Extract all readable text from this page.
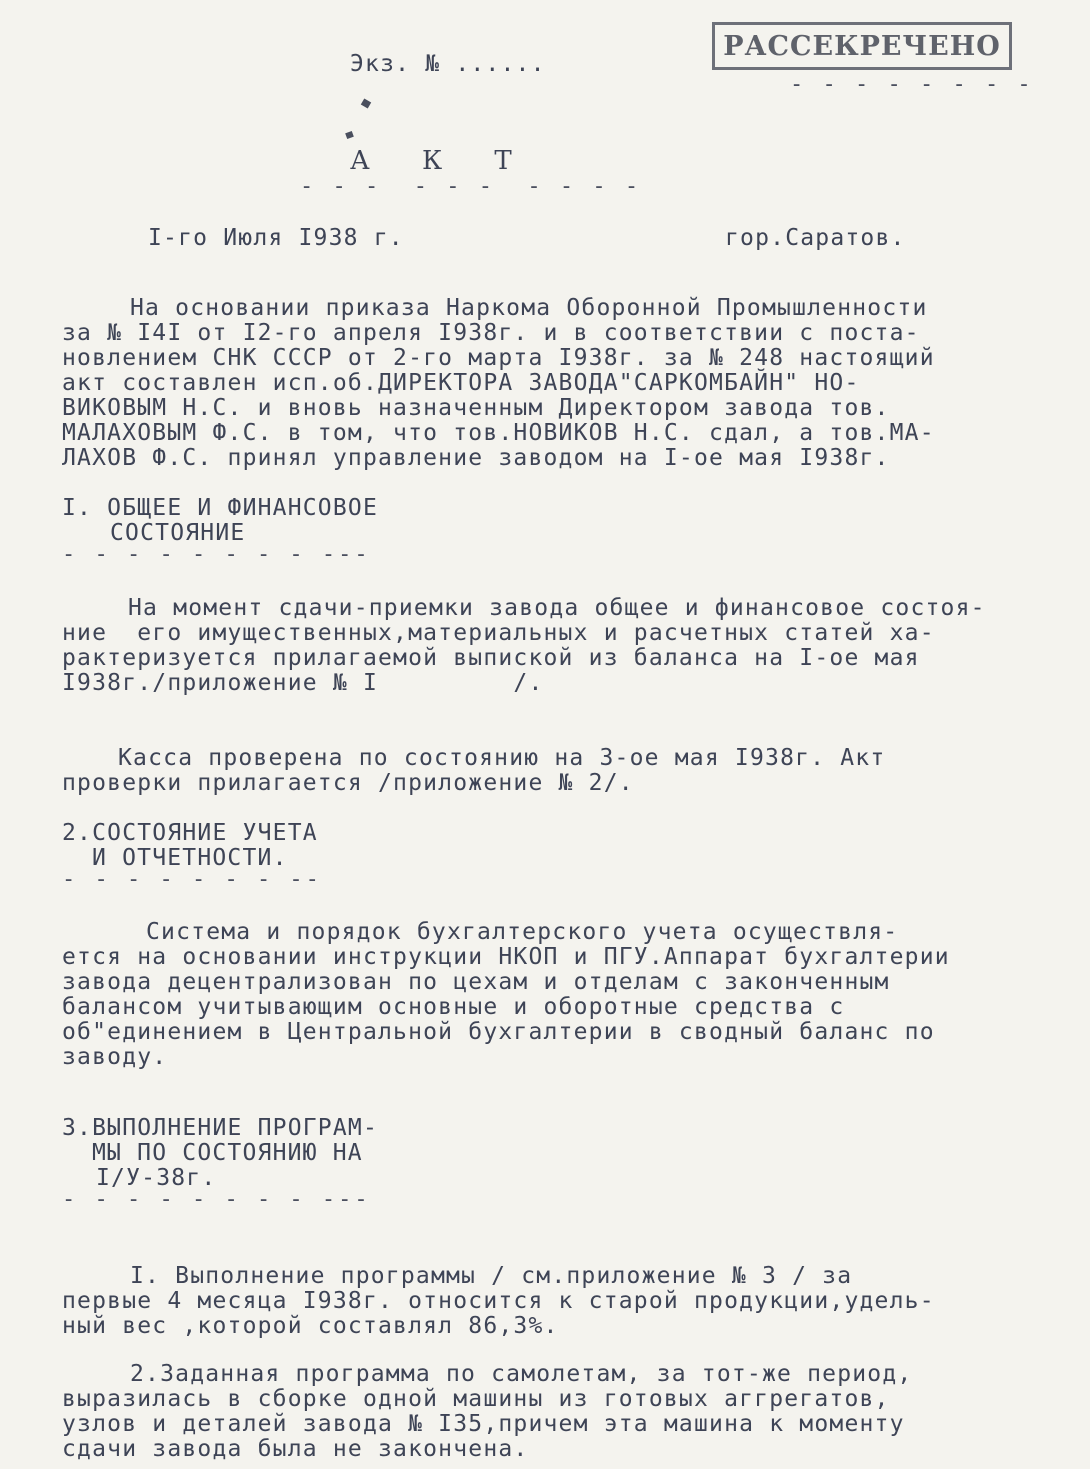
Экз. № ......
РАССЕКРЕЧЕНО
- - - - - - - -
А К Т
- - -  - - -  - - - -
I-го Июля I938 г.	гор.Саратов.
На основании приказа Наркома Оборонной Промышленности
за № I4I от I2-го апреля I938г. и в соответствии с поста-
новлением СНК СССР от 2-го марта I938г. за № 248 настоящий
акт составлен исп.об.ДИРЕКТОРА ЗАВОДА"САРКОМБАЙН" НО-
ВИКОВЫМ Н.С. и вновь назначенным Директором завода тов.
МАЛАХОВЫМ Ф.С. в том, что тов.НОВИКОВ Н.С. сдал, а тов.МА-
ЛАХОВ Ф.С. принял управление заводом на I-ое мая I938г.
I. ОБЩЕЕ И ФИНАНСОВОЕ
СОСТОЯНИЕ
- - - - - - - - ---
На момент сдачи-приемки завода общее и финансовое состоя-
ние  его имущественных,материальных и расчетных статей ха-
рактеризуется прилагаемой выпиской из баланса на I-ое мая
I938г./приложение № I         /.
Касса проверена по состоянию на 3-ое мая I938г. Акт
проверки прилагается /приложение № 2/.
2.СОСТОЯНИЕ УЧЕТА
И ОТЧЕТНОСТИ.
- - - - - - - --
Система и порядок бухгалтерского учета осуществля-
ется на основании инструкции НКОП и ПГУ.Аппарат бухгалтерии
завода децентрализован по цехам и отделам с законченным
балансом учитывающим основные и оборотные средства с
об"единением в Центральной бухгалтерии в сводный баланс по
заводу.
3.ВЫПОЛНЕНИЕ ПРОГРАМ-
МЫ ПО СОСТОЯНИЮ НА
I/У-38г.
- - - - - - - - ---
I. Выполнение программы / см.приложение № 3 / за
первые 4 месяца I938г. относится к старой продукции,удель-
ный вес ,которой составлял 86,3%.
2.Заданная программа по самолетам, за тот-же период,
выразилась в сборке одной машины из готовых аггрегатов,
узлов и деталей завода № I35,причем эта машина к моменту
сдачи завода была не закончена.
